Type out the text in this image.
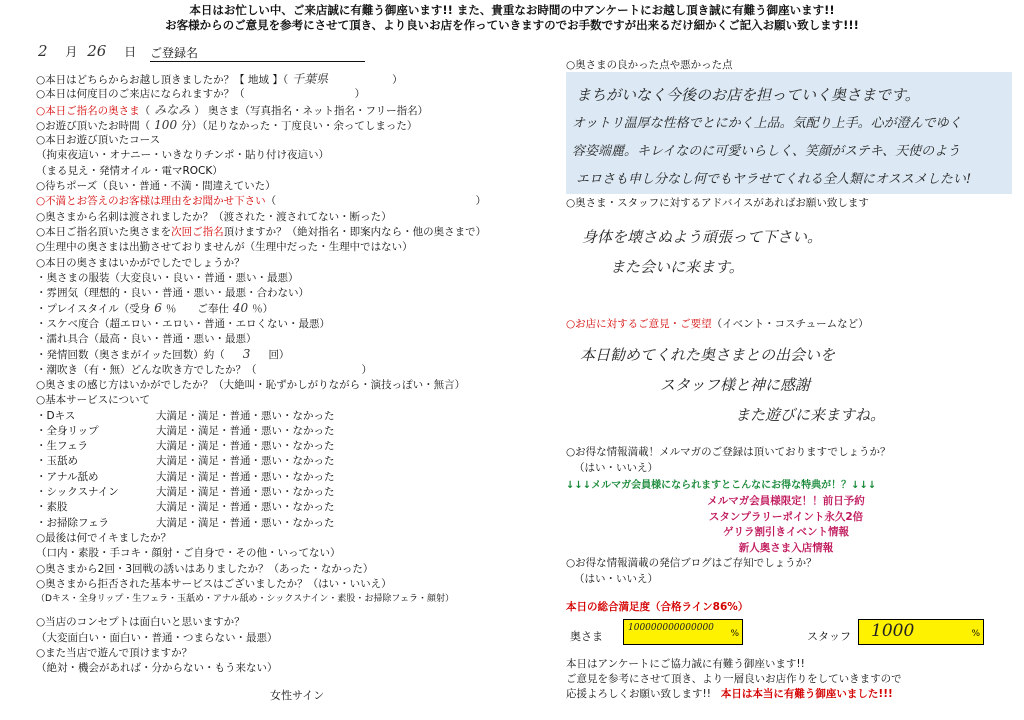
本日はお忙しい中、ご来店誠に有難う御座います!! また、貴重なお時間の中アンケートにお越し頂き誠に有難う御座います!!
お客様からのご意見を参考にさせて頂き、より良いお店を作っていきますのでお手数ですが出来るだけ細かくご記入お願い致します!!!
2 月 26 日 ご登録名
○本日はどちらからお越し頂きましたか？【 地域 】（ 千葉県	）
○本日は何度目のご来店になられますか？（	）
○本日ご指名の奥さま（ みなみ ） 奥さま（写真指名・ネット指名・フリー指名）
○お遊び頂いたお時間（ 100 分）（足りなかった・丁度良い・余ってしまった）
○本日お遊び頂いたコース
（拘束夜這い・オナニー・いきなりチンポ・貼り付け夜這い）
（まる見え・発情オイル・電マROCK）
○待ちポーズ（良い・普通・不満・間違えていた）
○不満とお答えのお客様は理由をお聞かせ下さい（　　　　　　　　　　　　　　　　　　　）
○奥さまから名刺は渡されましたか？（渡された・渡されてない・断った）
○本日ご指名頂いた奥さまを次回ご指名頂けますか？（絶対指名・即案内なら・他の奥さまで）
○生理中の奥さまは出勤させておりませんが（生理中だった・生理中ではない）
○本日の奥さまはいかがでしたでしょうか？
・奥さまの服装（大変良い・良い・普通・悪い・最悪）
・雰囲気（理想的・良い・普通・悪い・最悪・合わない）
・プレイスタイル（受身 6 ％　　ご奉仕 40 ％）
・スケベ度合（超エロい・エロい・普通・エロくない・最悪）
・濡れ具合（最高・良い・普通・悪い・最悪）
・発情回数（奥さまがイッた回数）約（ 3 回）
・潮吹き（有・無）どんな吹き方でしたか？（　　　　　　　　　　）
○奥さまの感じ方はいかがでしたか？（大絶叫・恥ずかしがりながら・演技っぽい・無言）
○基本サービスについて
・Dキス	大満足・満足・普通・悪い・なかった
・全身リップ	大満足・満足・普通・悪い・なかった
・生フェラ	大満足・満足・普通・悪い・なかった
・玉舐め	大満足・満足・普通・悪い・なかった
・アナル舐め	大満足・満足・普通・悪い・なかった
・シックスナイン	大満足・満足・普通・悪い・なかった
・素股	大満足・満足・普通・悪い・なかった
・お掃除フェラ	大満足・満足・普通・悪い・なかった
○最後は何でイキましたか？
（口内・素股・手コキ・顔射・ご自身で・その他・いってない）
○奥さまから2回・3回戦の誘いはありましたか？（あった・なかった）
○奥さまから拒否された基本サービスはございましたか？（はい・いいえ）
（Dキス・全身リップ・生フェラ・玉舐め・アナル舐め・シックスナイン・素股・お掃除フェラ・顔射）
○当店のコンセプトは面白いと思いますか？
（大変面白い・面白い・普通・つまらない・最悪）
○また当店で遊んで頂けますか？
（絶対・機会があれば・分からない・もう来ない）
女性サイン
○奥さまの良かった点や悪かった点
まちがいなく今後のお店を担っていく奥さまです。
オットリ温厚な性格でとにかく上品。気配り上手。心が澄んでゆく
容姿端麗。キレイなのに可愛いらしく、笑顔がステキ、天使のよう
エロさも申し分なし何でもヤラせてくれる全人類にオススメしたい!
○奥さま・スタッフに対するアドバイスがあればお願い致します
身体を壊さぬよう頑張って下さい。
また会いに来ます。
○お店に対するご意見・ご要望（イベント・コスチュームなど）
本日勧めてくれた奥さまとの出会いを
スタッフ様と神に感謝
また遊びに来ますね。
○お得な情報満載！メルマガのご登録は頂いておりますでしょうか？
（はい・いいえ）
↓↓↓メルマガ会員様になられますとこんなにお得な特典が！？↓↓↓
メルマガ会員様限定！！前日予約
スタンプラリーポイント永久2倍
ゲリラ割引きイベント情報
新人奥さま入店情報
○お得な情報満載の発信ブログはご存知でしょうか？
（はい・いいえ）
本日の総合満足度（合格ライン86%）
奥さま
100000000000000
%	スタッフ 1000	%
本日はアンケートにご協力誠に有難う御座います!!
ご意見を参考にさせて頂き、より一層良いお店作りをしていきますので
応援よろしくお願い致します!! 本日は本当に有難う御座いました!!!
